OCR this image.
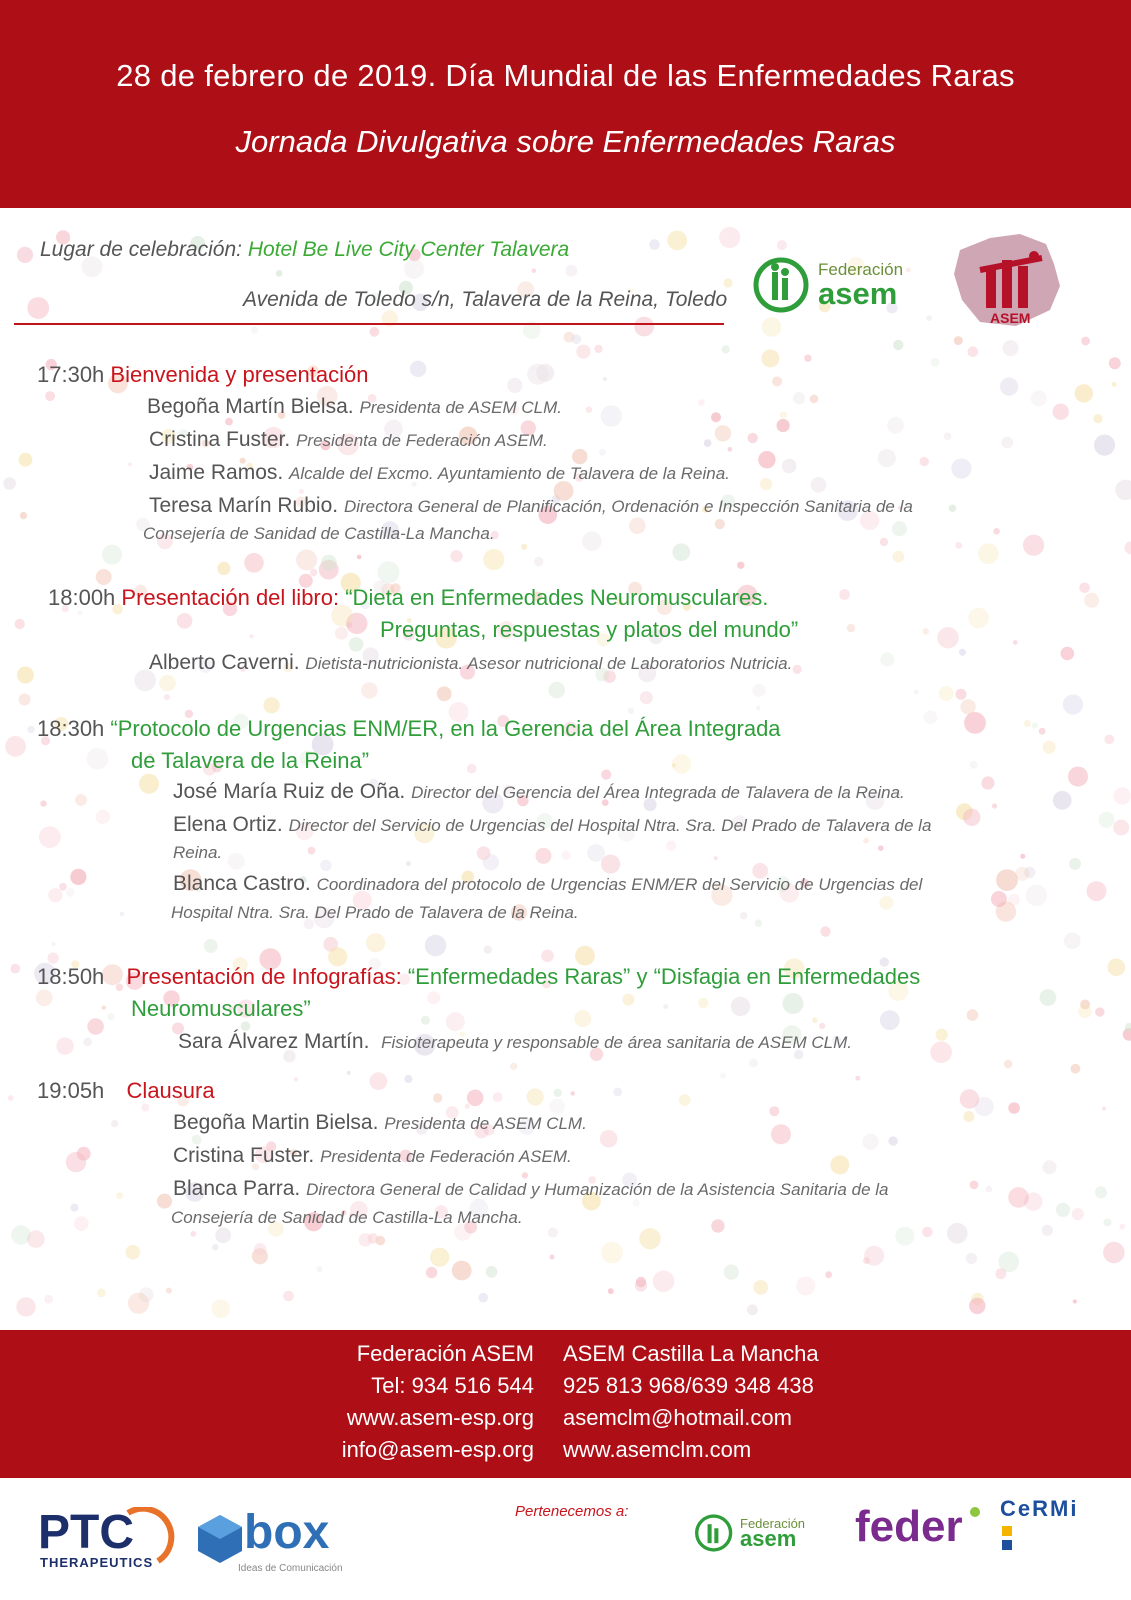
28 de febrero de 2019. Día Mundial de las Enfermedades Raras
Jornada Divulgativa sobre Enfermedades Raras
Lugar de celebración: Hotel Be Live City Center Talavera
Avenida de Toledo s/n, Talavera de la Reina, Toledo
Federación
asem
ASEM
17:30h Bienvenida y presentación
Begoña Martín Bielsa. Presidenta de ASEM CLM.
Cristina Fuster. Presidenta de Federación ASEM.
Jaime Ramos. Alcalde del Excmo. Ayuntamiento de Talavera de la Reina.
Teresa Marín Rubio. Directora General de Planificación, Ordenación e Inspección Sanitaria de la
Consejería de Sanidad de Castilla-La Mancha.
18:00h Presentación del libro: “Dieta en Enfermedades Neuromusculares.
Preguntas, respuestas y platos del mundo”
Alberto Caverni. Dietista-nutricionista. Asesor nutricional de Laboratorios Nutricia.
18:30h “Protocolo de Urgencias ENM/ER, en la Gerencia del Área Integrada
de Talavera de la Reina”
José María Ruiz de Oña. Director del Gerencia del Área Integrada de Talavera de la Reina.
Elena Ortiz. Director del Servicio de Urgencias del Hospital Ntra. Sra. Del Prado de Talavera de la
Reina.
Blanca Castro. Coordinadora del protocolo de Urgencias ENM/ER del Servicio de Urgencias del
Hospital Ntra. Sra. Del Prado de Talavera de la Reina.
18:50h Presentación de Infografías: “Enfermedades Raras” y “Disfagia en Enfermedades
Neuromusculares”
Sara Álvarez Martín. Fisioterapeuta y responsable de área sanitaria de ASEM CLM.
19:05h Clausura
Begoña Martin Bielsa. Presidenta de ASEM CLM.
Cristina Fuster. Presidenta de Federación ASEM.
Blanca Parra. Directora General de Calidad y Humanización de la Asistencia Sanitaria de la
Consejería de Sanidad de Castilla-La Mancha.
Federación ASEM
Tel: 934 516 544
www.asem-esp.org
info@asem-esp.org
ASEM Castilla La Mancha
925 813 968/639 348 438
asemclm@hotmail.com
www.asemclm.com
PTC
THERAPEUTICS
box
Ideas de Comunicación
Pertenecemos a:
Federación
asem feder CeRMi
